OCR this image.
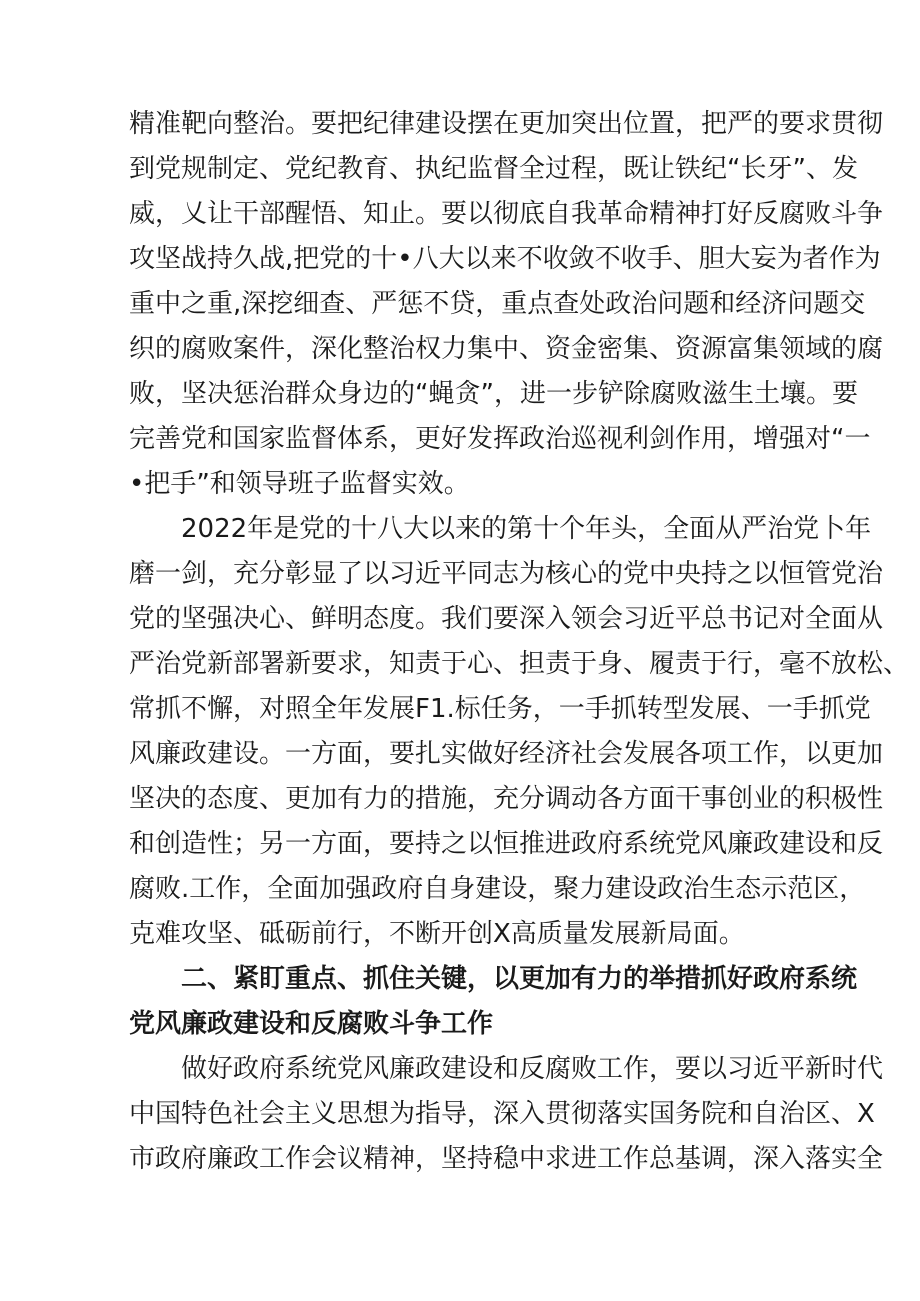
精准靶向整治。要把纪律建设摆在更加突出位置，把严的要求贯彻
到党规制定、党纪教育、执纪监督全过程，既让铁纪“长牙”、发
威，乂让干部醒悟、知止。要以彻底自我革命精神打好反腐败斗争
攻坚战持久战,把党的十•八大以来不收敛不收手、胆大妄为者作为
重中之重,深挖细查、严惩不贷，重点查处政治问题和经济问题交
织的腐败案件，深化整治权力集中、资金密集、资源富集领域的腐
败，坚决惩治群众身边的“蝇贪”，进一步铲除腐败滋生土壤。要
完善党和国家监督体系，更好发挥政治巡视利剑作用，增强对“一
•把手”和领导班子监督实效。
2022年是党的十八大以来的第十个年头，全面从严治党卜年
磨一剑，充分彰显了以习近平同志为核心的党中央持之以恒管党治
党的坚强决心、鲜明态度。我们要深入领会习近平总书记对全面从
严治党新部署新要求，知责于心、担责于身、履责于行，毫不放松、
常抓不懈，对照全年发展F1.标任务，一手抓转型发展、一手抓党
风廉政建设。一方面，要扎实做好经济社会发展各项工作，以更加
坚决的态度、更加有力的措施，充分调动各方面干事创业的积极性
和创造性；另一方面，要持之以恒推进政府系统党风廉政建设和反
腐败.工作，全面加强政府自身建设，聚力建设政治生态示范区，
克难攻坚、砥砺前行，不断开创X高质量发展新局面。
二、紧盯重点、抓住关键，以更加有力的举措抓好政府系统
党风廉政建设和反腐败斗争工作
做好政府系统党风廉政建设和反腐败工作，要以习近平新时代
中国特色社会主义思想为指导，深入贯彻落实国务院和自治区、X
市政府廉政工作会议精神，坚持稳中求进工作总基调，深入落实全
